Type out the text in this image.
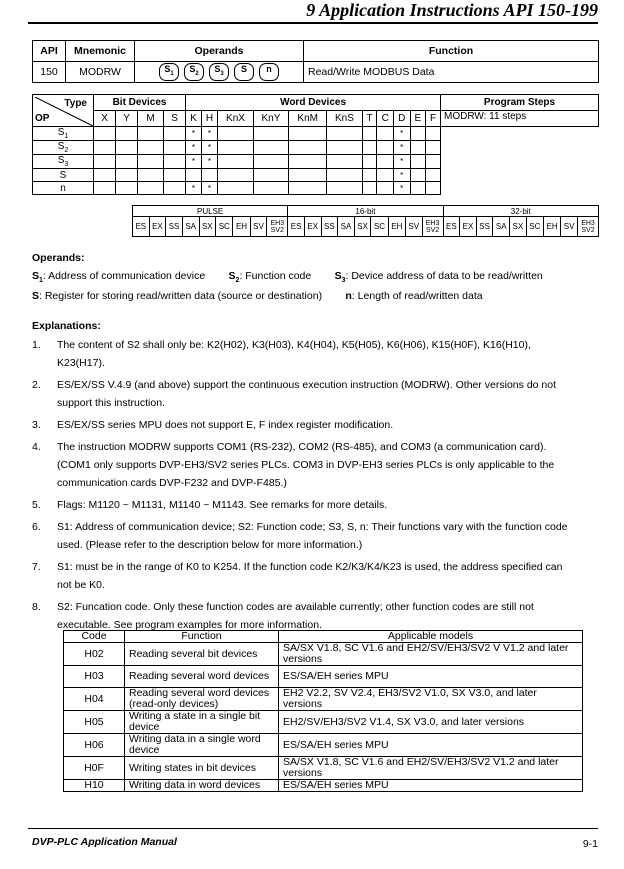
9 Application Instructions API 150-199
API	Mnemonic	Operands	Function
150	MODRW	$S_1$ $S_2$ $S_3$ S n	Read/Write MODBUS Data
Type
OP	Bit Devices				Word Devices											Program Steps
	X	Y	M	S	K	H	KnX	KnY	KnM	KnS	T	C	D	E	F	MODRW: 11 steps
$S_1$					*	*							*			
$S_2$					*	*							*			
$S_3$					*	*							*			
S													*			
n					*	*							*			
PULSE									16-bit									32-bit								
ES	EX	SS	SA	SX	SC	EH	SV	EH3 SV2	ES	EX	SS	SA	SX	SC	EH	SV	EH3 SV2	ES	EX	SS	SA	SX	SC	EH	SV	EH3 SV2
Operands:
$S_1$: Address of communication device $S_2$: Function code $S_3$: Device address of data to be read/written
S: Register for storing read/written data (source or destination) n: Length of read/written data
Explanations:
1. The content of S2 shall only be: K2(H02), K3(H03), K4(H04), K5(H05), K6(H06), K15(H0F), K16(H10),
K23(H17).
2. ES/EX/SS V.4.9 (and above) support the continuous execution instruction (MODRW). Other versions do not
support this instruction.
3. ES/EX/SS series MPU does not support E, F index register modification.
4. The instruction MODRW supports COM1 (RS-232), COM2 (RS-485), and COM3 (a communication card).
(COM1 only supports DVP-EH3/SV2 series PLCs. COM3 in DVP-EH3 series PLCs is only applicable to the
communication cards DVP-F232 and DVP-F485.)
5. Flags: M1120 ~ M1131, M1140 ~ M1143. See remarks for more details.
6. S1: Address of communication device; S2: Function code; S3, S, n: Their functions vary with the function code
used. (Please refer to the description below for more information.)
7. S1: must be in the range of K0 to K254. If the function code K2/K3/K4/K23 is used, the address specified can
not be K0.
8. S2: Funcation code. Only these function codes are available currently; other function codes are still not
executable. See program examples for more information.
Code	Function	Applicable models
H02	Reading several bit devices	SA/SX V1.8, SC V1.6 and EH2/SV/EH3/SV2 V V1.2 and later versions
H03	Reading several word devices	ES/SA/EH series MPU
H04	Reading several word devices (read-only devices)	EH2 V2.2, SV V2.4, EH3/SV2 V1.0, SX V3.0, and later versions
H05	Writing a state in a single bit device	EH2/SV/EH3/SV2 V1.4, SX V3.0, and later versions
H06	Writing data in a single word device	ES/SA/EH series MPU
H0F	Writing states in bit devices	SA/SX V1.8, SC V1.6 and EH2/SV/EH3/SV2 V1.2 and later versions
H10	Writing data in word devices	ES/SA/EH series MPU
DVP-PLC Application Manual	9-1
